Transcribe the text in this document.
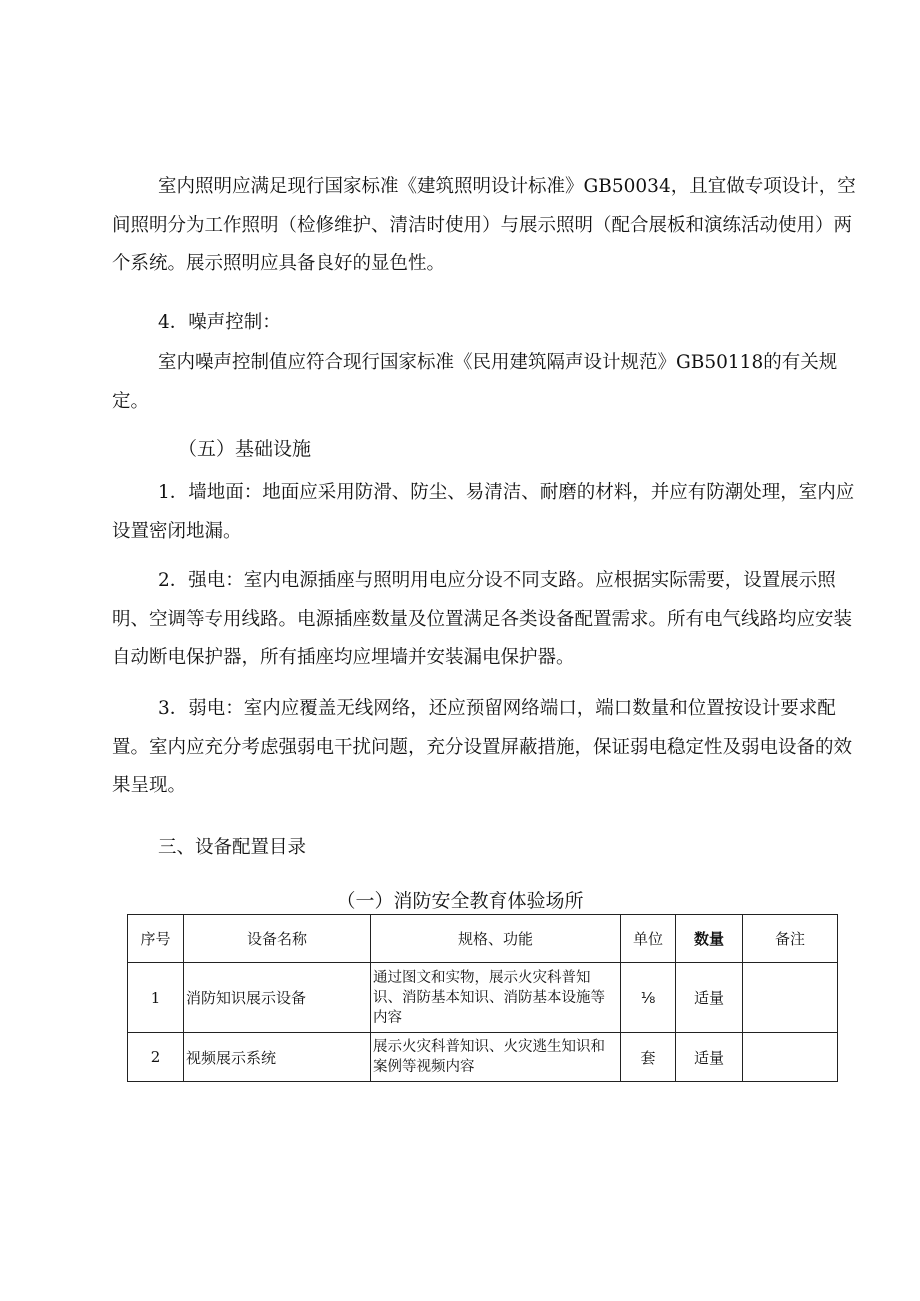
室内照明应满足现行国家标准《建筑照明设计标准》GB50034，且宜做专项设计，空间照明分为工作照明（检修维护、清洁时使用）与展示照明（配合展板和演练活动使用）两个系统。展示照明应具备良好的显色性。

4．噪声控制：

室内噪声控制值应符合现行国家标准《民用建筑隔声设计规范》GB50118的有关规定。

（五）基础设施

1．墙地面：地面应采用防滑、防尘、易清洁、耐磨的材料，并应有防潮处理，室内应设置密闭地漏。

2．强电：室内电源插座与照明用电应分设不同支路。应根据实际需要，设置展示照明、空调等专用线路。电源插座数量及位置满足各类设备配置需求。所有电气线路均应安装自动断电保护器，所有插座均应埋墙并安装漏电保护器。

3．弱电：室内应覆盖无线网络，还应预留网络端口，端口数量和位置按设计要求配置。室内应充分考虑强弱电干扰问题，充分设置屏蔽措施，保证弱电稳定性及弱电设备的效果呈现。

三、设备配置目录

（一）消防安全教育体验场所

序号	设备名称	规格、功能	单位	数量	备注
1	消防知识展示设备	通过图文和实物，展示火灾科普知识、消防基本知识、消防基本设施等内容	⅛	适量	
2	视频展示系统	展示火灾科普知识、火灾逃生知识和案例等视频内容	套	适量	
